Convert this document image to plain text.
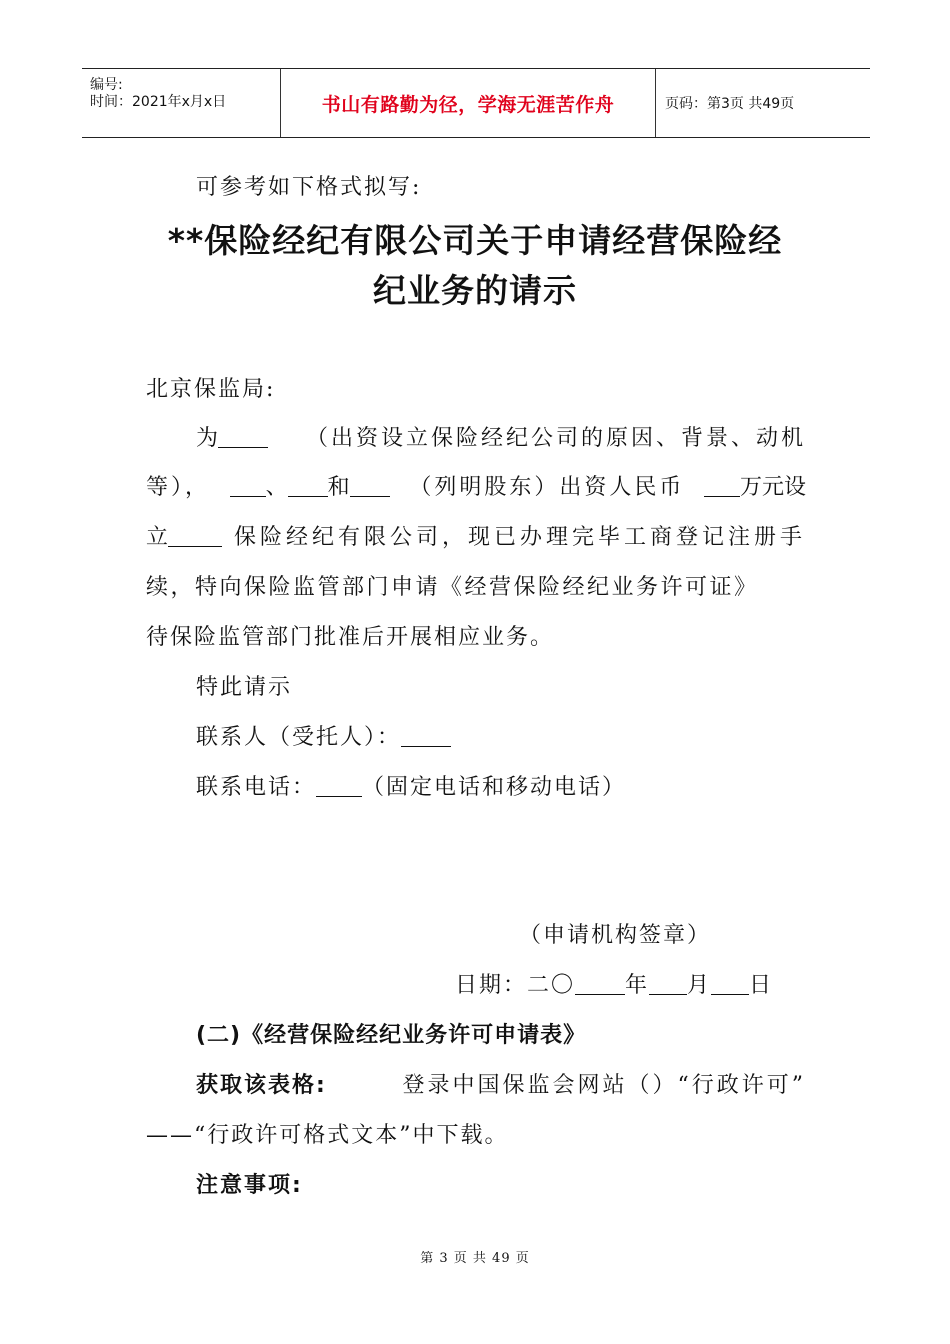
编号:
时间：2021年x月x日	书山有路勤为径，学海无涯苦作舟	页码：第3页 共49页
可参考如下格式拟写:
**保险经纪有限公司关于申请经营保险经
纪业务的请示
北京保监局:
为	（出资设立保险经纪公司的原因、背景、动机
等），	、 和	（列明股东）出资人民币	万元设
立	保险经纪有限公司，现已办理完毕工商登记注册手
续，特向保险监管部门申请《经营保险经纪业务许可证》
待保险监管部门批准后开展相应业务。
特此请示
联系人（受托人）：
联系电话： （固定电话和移动电话）
（申请机构签章）
日期：二〇 年 月 日
(二)《经营保险经纪业务许可申请表》
获取该表格:	登录中国保监会网站（）“行政许可”
——“行政许可格式文本”中下载。
注意事项:
第 3 页 共 49 页
